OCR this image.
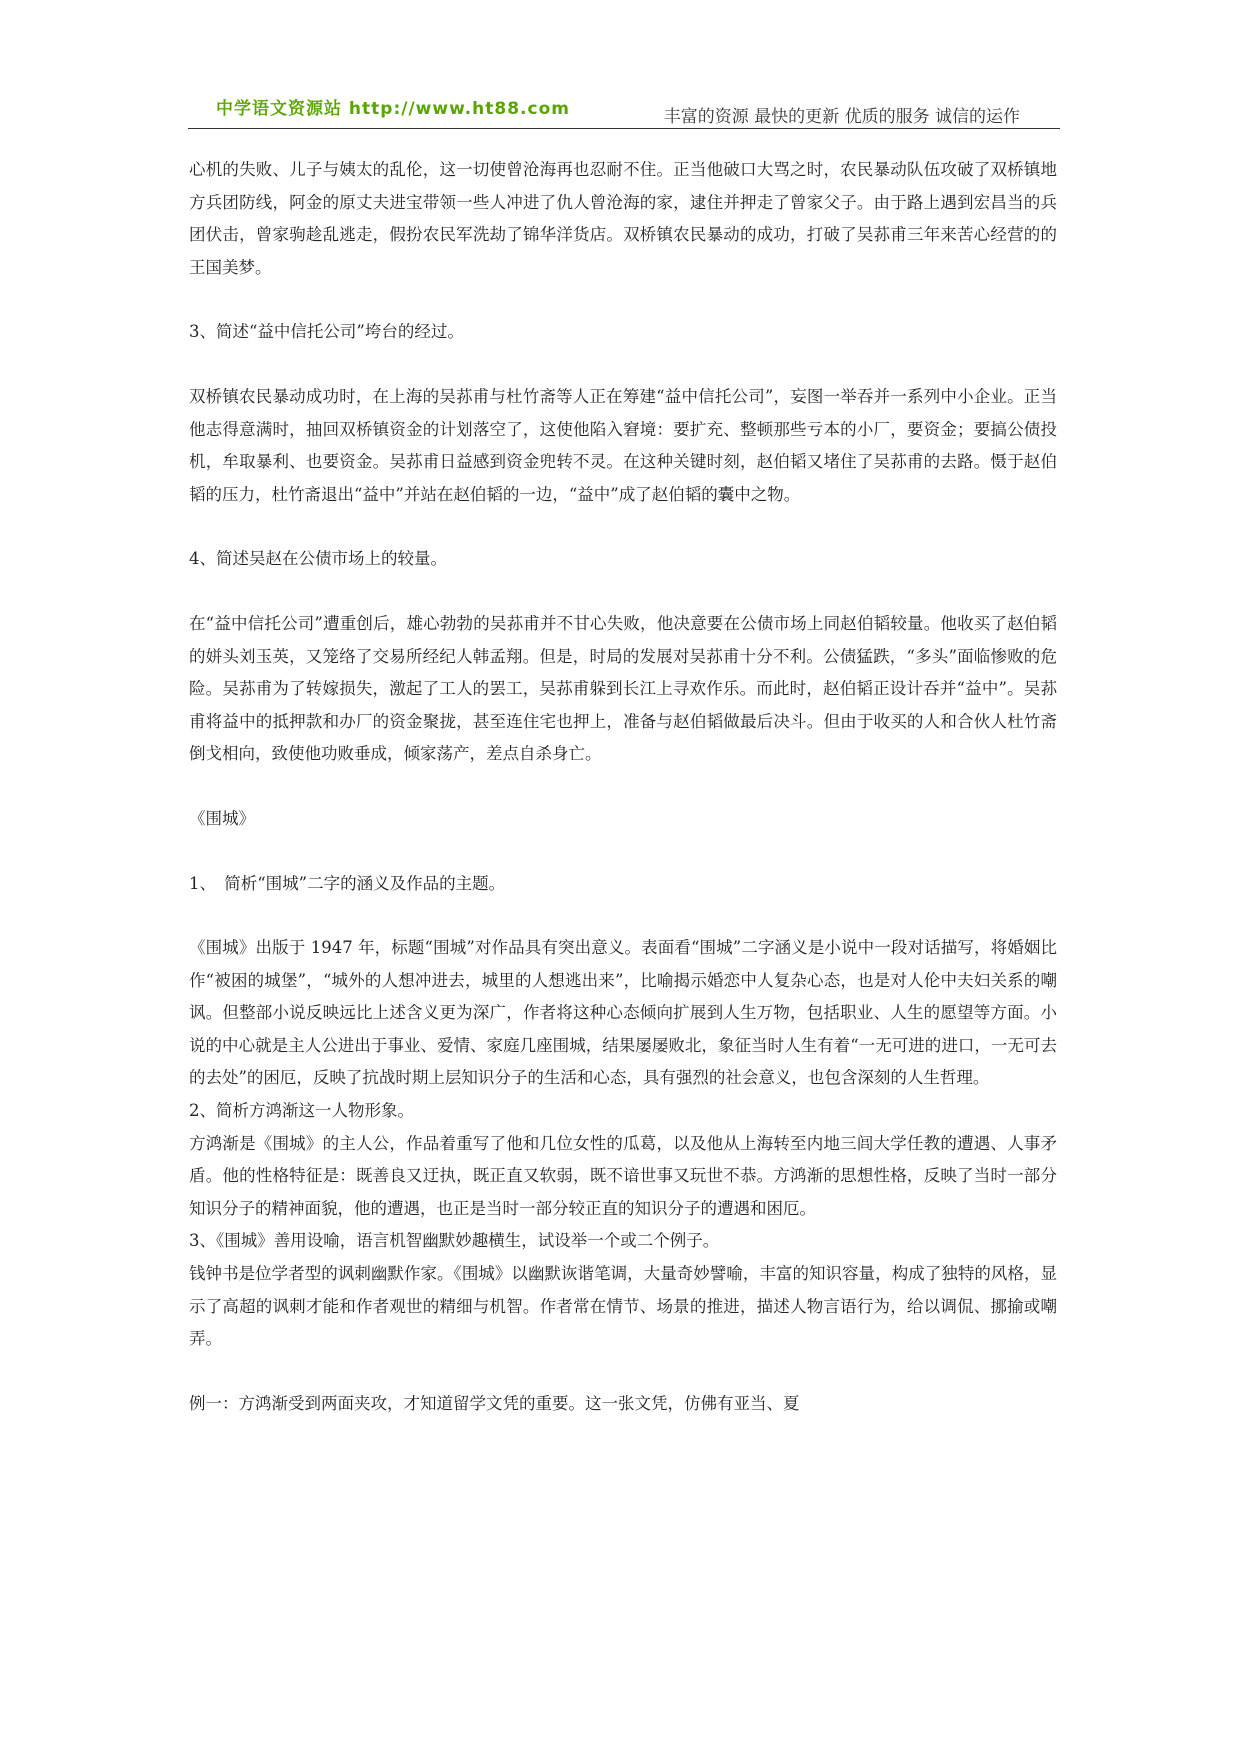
中学语文资源站 http://www.ht88.com	丰富的资源 最快的更新 优质的服务 诚信的运作

心机的失败、儿子与姨太的乱伦，这一切使曾沧海再也忍耐不住。正当他破口大骂之时，农民暴动队伍攻破了双桥镇地方兵团防线，阿金的原丈夫进宝带领一些人冲进了仇人曾沧海的家，逮住并押走了曾家父子。由于路上遇到宏昌当的兵团伏击，曾家驹趁乱逃走，假扮农民军洗劫了锦华洋货店。双桥镇农民暴动的成功，打破了吴荪甫三年来苦心经营的的王国美梦。

3、简述“益中信托公司”垮台的经过。

双桥镇农民暴动成功时，在上海的吴荪甫与杜竹斋等人正在筹建“益中信托公司”，妄图一举吞并一系列中小企业。正当他志得意满时，抽回双桥镇资金的计划落空了，这使他陷入窘境：要扩充、整顿那些亏本的小厂，要资金；要搞公债投机，牟取暴利、也要资金。吴荪甫日益感到资金兜转不灵。在这种关键时刻，赵伯韬又堵住了吴荪甫的去路。慑于赵伯韬的压力，杜竹斋退出“益中”并站在赵伯韬的一边，“益中”成了赵伯韬的囊中之物。

4、简述吴赵在公债市场上的较量。

在“益中信托公司”遭重创后，雄心勃勃的吴荪甫并不甘心失败，他决意要在公债市场上同赵伯韬较量。他收买了赵伯韬的姘头刘玉英，又笼络了交易所经纪人韩孟翔。但是，时局的发展对吴荪甫十分不利。公债猛跌，“多头”面临惨败的危险。吴荪甫为了转嫁损失，激起了工人的罢工，吴荪甫躲到长江上寻欢作乐。而此时，赵伯韬正设计吞并“益中”。吴荪甫将益中的抵押款和办厂的资金聚拢，甚至连住宅也押上，准备与赵伯韬做最后决斗。但由于收买的人和合伙人杜竹斋倒戈相向，致使他功败垂成，倾家荡产，差点自杀身亡。

《围城》

1、　简析“围城”二字的涵义及作品的主题。

《围城》出版于 1947 年，标题“围城”对作品具有突出意义。表面看“围城”二字涵义是小说中一段对话描写，将婚姻比作“被困的城堡”，“城外的人想冲进去，城里的人想逃出来”，比喻揭示婚恋中人复杂心态，也是对人伦中夫妇关系的嘲讽。但整部小说反映远比上述含义更为深广，作者将这种心态倾向扩展到人生万物，包括职业、人生的愿望等方面。小说的中心就是主人公进出于事业、爱情、家庭几座围城，结果屡屡败北，象征当时人生有着“一无可进的进口，一无可去的去处”的困厄，反映了抗战时期上层知识分子的生活和心态，具有强烈的社会意义，也包含深刻的人生哲理。

2、简析方鸿渐这一人物形象。

方鸿渐是《围城》的主人公，作品着重写了他和几位女性的瓜葛，以及他从上海转至内地三闾大学任教的遭遇、人事矛盾。他的性格特征是：既善良又迂执，既正直又软弱，既不谙世事又玩世不恭。方鸿渐的思想性格，反映了当时一部分知识分子的精神面貌，他的遭遇，也正是当时一部分较正直的知识分子的遭遇和困厄。

3、《围城》善用设喻，语言机智幽默妙趣横生，试设举一个或二个例子。

钱钟书是位学者型的讽刺幽默作家。《围城》以幽默诙谐笔调，大量奇妙譬喻，丰富的知识容量，构成了独特的风格，显示了高超的讽刺才能和作者观世的精细与机智。作者常在情节、场景的推进，描述人物言语行为，给以调侃、挪揄或嘲弄。

例一：方鸿渐受到两面夹攻，才知道留学文凭的重要。这一张文凭，仿佛有亚当、夏
